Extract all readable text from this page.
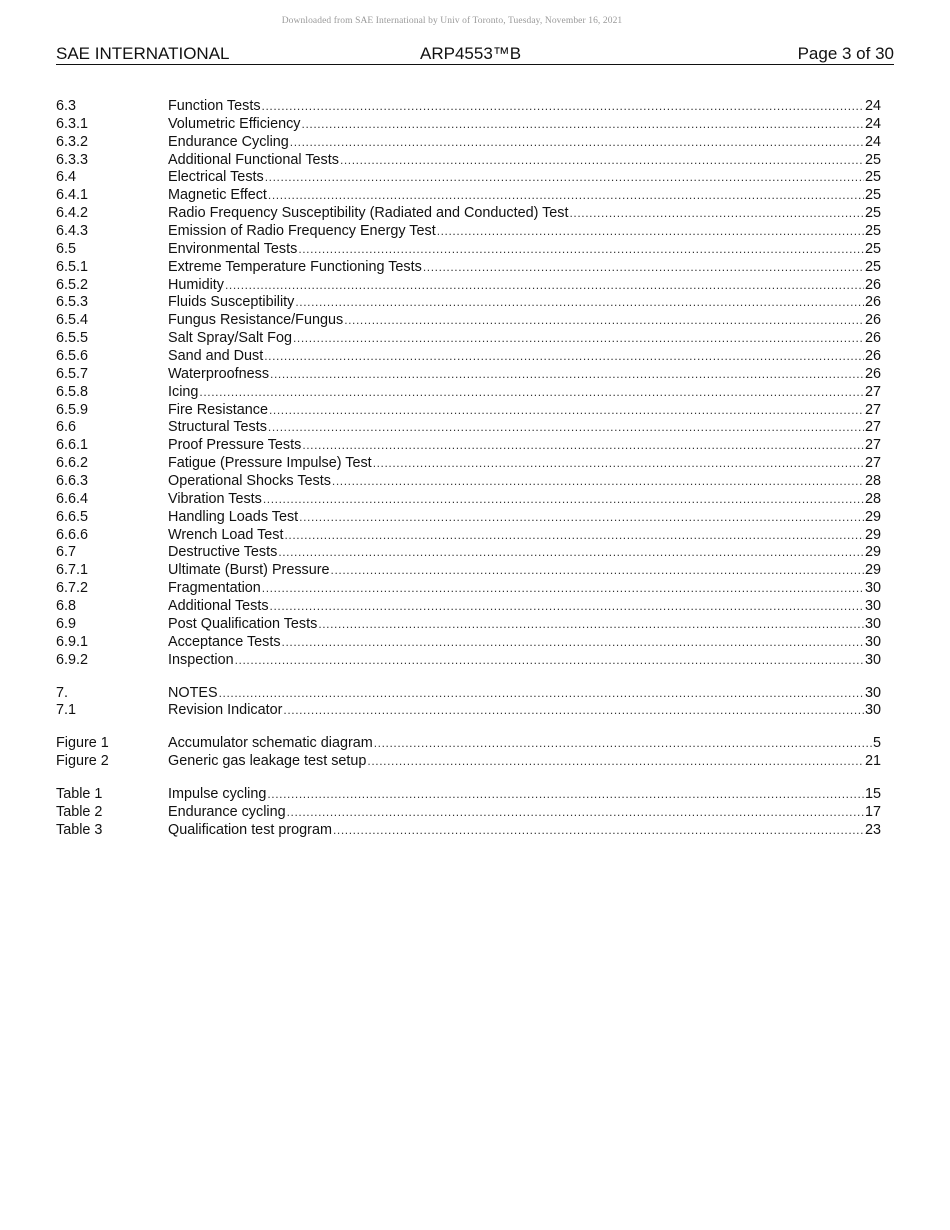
Downloaded from SAE International by Univ of Toronto, Tuesday, November 16, 2021
SAE INTERNATIONAL	ARP4553™B	Page 3 of 30
6.3	Function Tests .....	24
6.3.1	Volumetric Efficiency .....	24
6.3.2	Endurance Cycling .....	24
6.3.3	Additional Functional Tests .....	25
6.4	Electrical Tests .....	25
6.4.1	Magnetic Effect .....	25
6.4.2	Radio Frequency Susceptibility (Radiated and Conducted) Test .....	25
6.4.3	Emission of Radio Frequency Energy Test .....	25
6.5	Environmental Tests .....	25
6.5.1	Extreme Temperature Functioning Tests .....	25
6.5.2	Humidity .....	26
6.5.3	Fluids Susceptibility .....	26
6.5.4	Fungus Resistance/Fungus .....	26
6.5.5	Salt Spray/Salt Fog .....	26
6.5.6	Sand and Dust .....	26
6.5.7	Waterproofness .....	26
6.5.8	Icing .....	27
6.5.9	Fire Resistance .....	27
6.6	Structural Tests .....	27
6.6.1	Proof Pressure Tests .....	27
6.6.2	Fatigue (Pressure Impulse) Test .....	27
6.6.3	Operational Shocks Tests .....	28
6.6.4	Vibration Tests .....	28
6.6.5	Handling Loads Test .....	29
6.6.6	Wrench Load Test .....	29
6.7	Destructive Tests .....	29
6.7.1	Ultimate (Burst) Pressure .....	29
6.7.2	Fragmentation .....	30
6.8	Additional Tests .....	30
6.9	Post Qualification Tests .....	30
6.9.1	Acceptance Tests .....	30
6.9.2	Inspection .....	30
7.	NOTES .....	30
7.1	Revision Indicator .....	30
Figure 1	Accumulator schematic diagram .....	5
Figure 2	Generic gas leakage test setup .....	21
Table 1	Impulse cycling .....	15
Table 2	Endurance cycling .....	17
Table 3	Qualification test program .....	23
